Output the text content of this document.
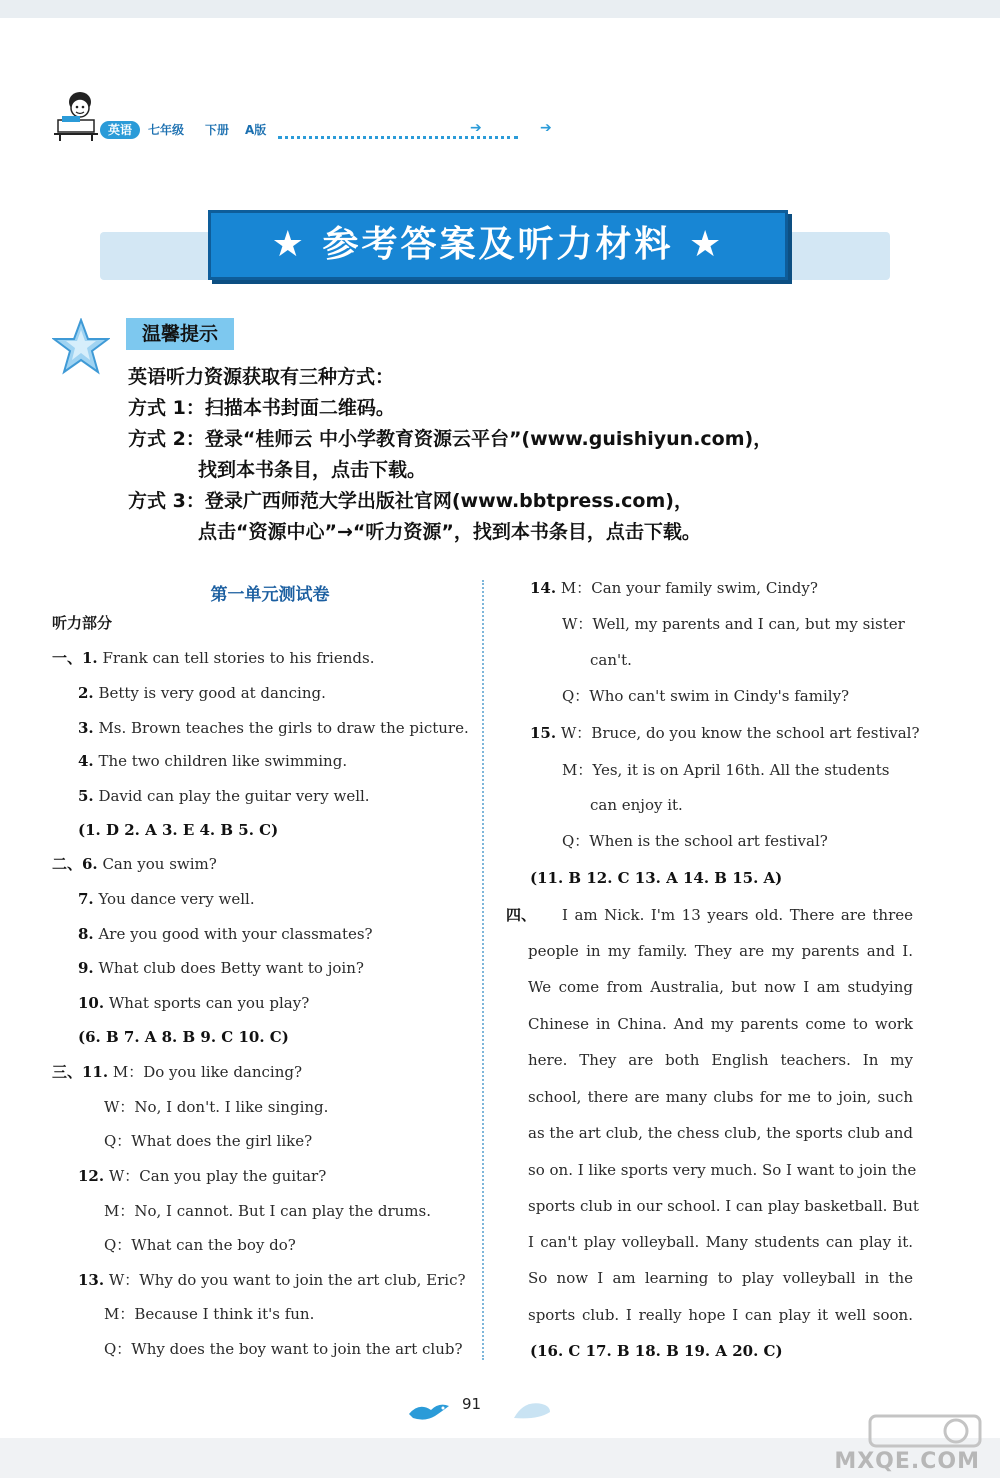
英语	七年级 下册 A版	➔	➔
★ 参考答案及听力材料 ★
温馨提示
英语听力资源获取有三种方式：
方式 1：扫描本书封面二维码。
方式 2：登录“桂师云 中小学教育资源云平台”(www.guishiyun.com)，
找到本书条目，点击下载。
方式 3：登录广西师范大学出版社官网(www.bbtpress.com)，
点击“资源中心”→“听力资源”，找到本书条目，点击下载。
第一单元测试卷
听力部分
一、1. Frank can tell stories to his friends.
2. Betty is very good at dancing.
3. Ms. Brown teaches the girls to draw the picture.
4. The two children like swimming.
5. David can play the guitar very well.
(1. D 2. A 3. E 4. B 5. C)
二、6. Can you swim?
7. You dance very well.
8. Are you good with your classmates?
9. What club does Betty want to join?
10. What sports can you play?
(6. B 7. A 8. B 9. C 10. C)
三、11. M：Do you like dancing?
W：No, I don't. I like singing.
Q：What does the girl like?
12. W：Can you play the guitar?
M：No, I cannot. But I can play the drums.
Q：What can the boy do?
13. W：Why do you want to join the art club, Eric?
M：Because I think it's fun.
Q：Why does the boy want to join the art club?
14. M：Can your family swim, Cindy?
W：Well, my parents and I can, but my sister
can't.
Q：Who can't swim in Cindy's family?
15. W：Bruce, do you know the school art festival?
M：Yes, it is on April 16th. All the students
can enjoy it.
Q：When is the school art festival?
(11. B 12. C 13. A 14. B 15. A)
四、 I am Nick. I'm 13 years old. There are three
people in my family. They are my parents and I.
We come from Australia, but now I am studying
Chinese in China. And my parents come to work
here. They are both English teachers. In my
school, there are many clubs for me to join, such
as the art club, the chess club, the sports club and
so on. I like sports very much. So I want to join the
sports club in our school. I can play basketball. But
I can't play volleyball. Many students can play it.
So now I am learning to play volleyball in the
sports club. I really hope I can play it well soon.
(16. C 17. B 18. B 19. A 20. C)
91
MXQE.COM
